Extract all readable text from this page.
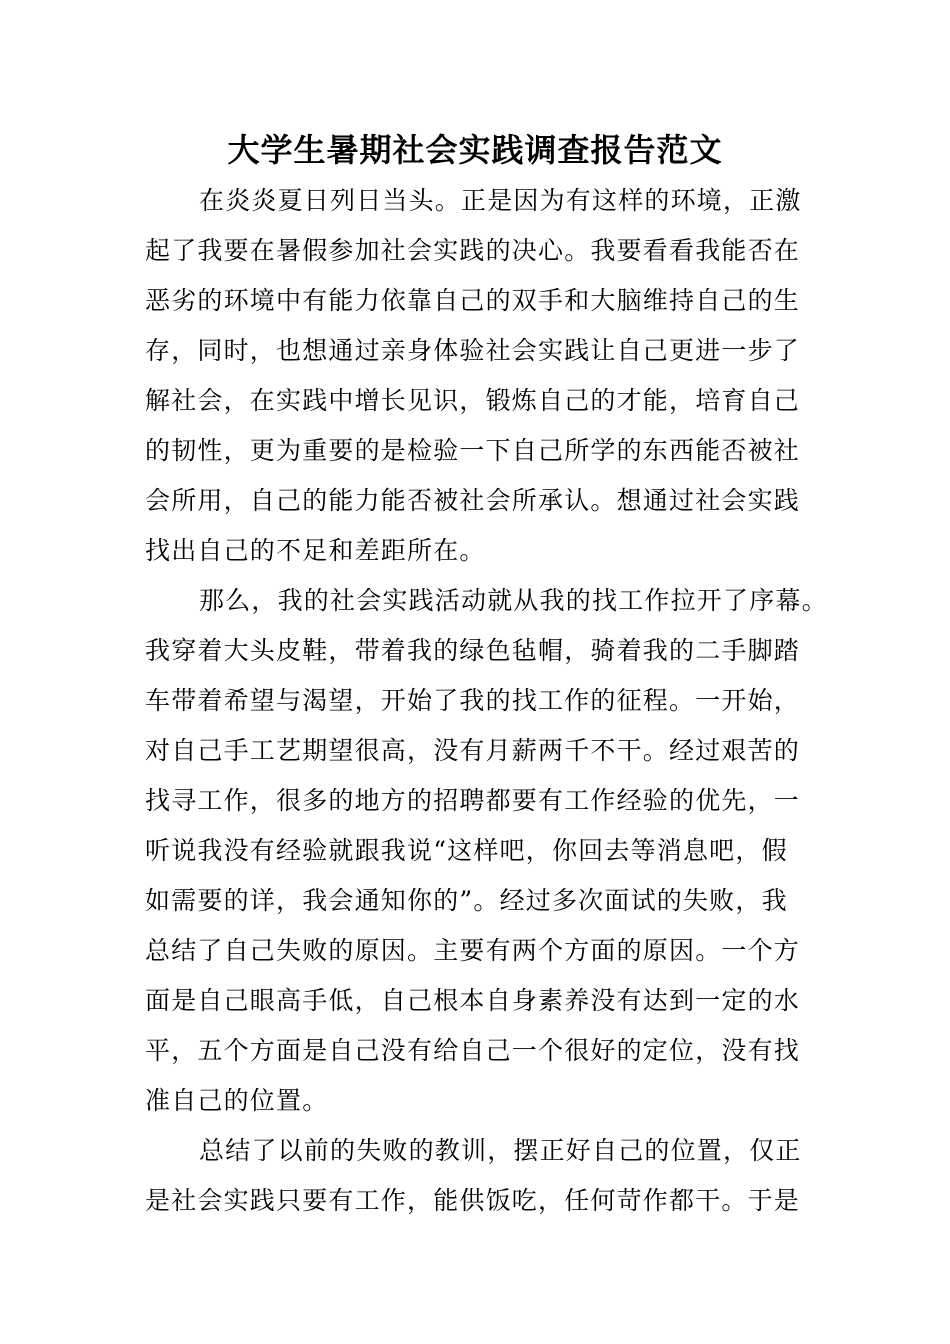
大学生暑期社会实践调查报告范文
在炎炎夏日列日当头。正是因为有这样的环境，正激
起了我要在暑假参加社会实践的决心。我要看看我能否在
恶劣的环境中有能力依靠自己的双手和大脑维持自己的生
存，同时，也想通过亲身体验社会实践让自己更进一步了
解社会，在实践中增长见识，锻炼自己的才能，培育自己
的韧性，更为重要的是检验一下自己所学的东西能否被社
会所用，自己的能力能否被社会所承认。想通过社会实践
找出自己的不足和差距所在。
那么，我的社会实践活动就从我的找工作拉开了序幕。
我穿着大头皮鞋，带着我的绿色毡帽，骑着我的二手脚踏
车带着希望与渴望，开始了我的找工作的征程。一开始，
对自己手工艺期望很高，没有月薪两千不干。经过艰苦的
找寻工作，很多的地方的招聘都要有工作经验的优先，一
听说我没有经验就跟我说“这样吧，你回去等消息吧，假
如需要的详，我会通知你的”。经过多次面试的失败，我
总结了自己失败的原因。主要有两个方面的原因。一个方
面是自己眼高手低，自己根本自身素养没有达到一定的水
平，五个方面是自己没有给自己一个很好的定位，没有找
准自己的位置。
总结了以前的失败的教训，摆正好自己的位置，仅正
是社会实践只要有工作，能供饭吃，任何苛作都干。于是
